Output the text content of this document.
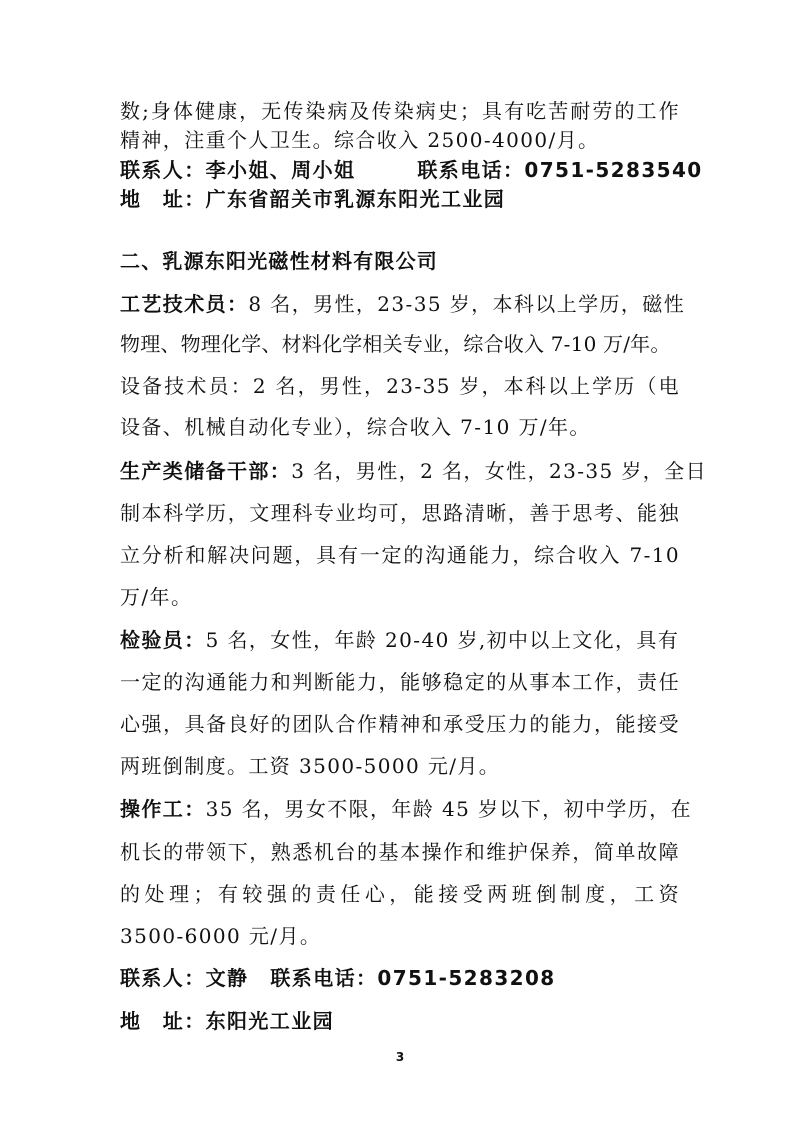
数;身体健康，无传染病及传染病史；具有吃苦耐劳的工作
精神，注重个人卫生。综合收入 2500-4000/月。
联系人：李小姐、周小姐	联系电话：0751-5283540
地　址：广东省韶关市乳源东阳光工业园
二、乳源东阳光磁性材料有限公司
工艺技术员：8 名，男性，23-35 岁，本科以上学历，磁性
物理、物理化学、材料化学相关专业，综合收入 7-10 万/年。
设备技术员：2 名，男性，23-35 岁，本科以上学历（电
设备、机械自动化专业），综合收入 7-10 万/年。
生产类储备干部：3 名，男性，2 名，女性，23-35 岁，全日
制本科学历，文理科专业均可，思路清晰，善于思考、能独
立分析和解决问题，具有一定的沟通能力，综合收入 7-10
万/年。
检验员：5 名，女性，年龄 20-40 岁,初中以上文化，具有
一定的沟通能力和判断能力，能够稳定的从事本工作，责任
心强，具备良好的团队合作精神和承受压力的能力，能接受
两班倒制度。工资 3500-5000 元/月。
操作工：35 名，男女不限，年龄 45 岁以下，初中学历，在
机长的带领下，熟悉机台的基本操作和维护保养，简单故障
的处理；有较强的责任心，能接受两班倒制度，工资
3500-6000 元/月。
联系人：文静 联系电话：0751-5283208
地　址：东阳光工业园
3
